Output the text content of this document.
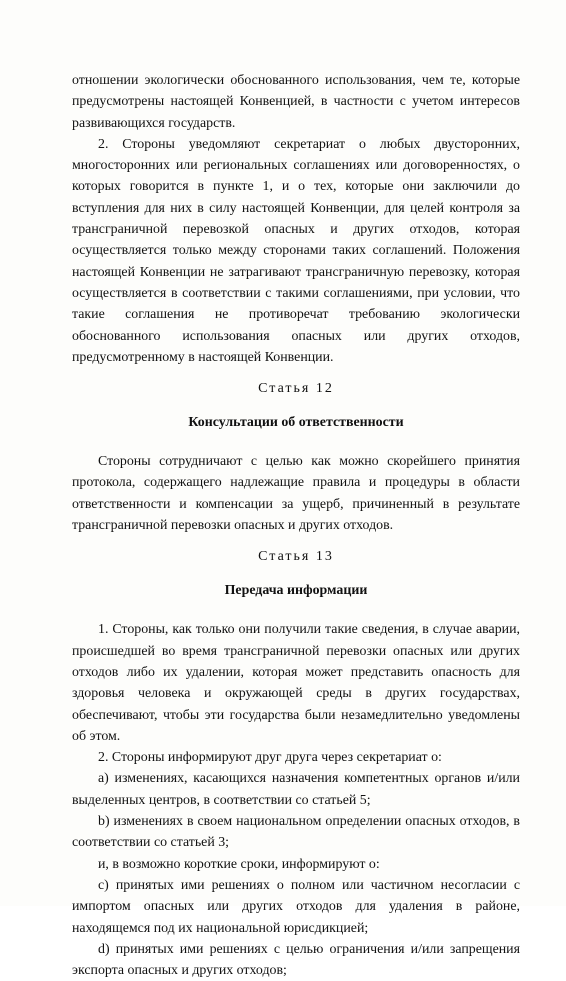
отношении экологически обоснованного использования, чем те, которые предусмотрены настоящей Конвенцией, в частности с учетом интересов развивающихся государств.

2. Стороны уведомляют секретариат о любых двусторонних, многосторонних или региональных соглашениях или договоренностях, о которых говорится в пункте 1, и о тех, которые они заключили до вступления для них в силу настоящей Конвенции, для целей контроля за трансграничной перевозкой опасных и других отходов, которая осуществляется только между сторонами таких соглашений. Положения настоящей Конвенции не затрагивают трансграничную перевозку, которая осуществляется в соответствии с такими соглашениями, при условии, что такие соглашения не противоречат требованию экологически обоснованного использования опасных или других отходов, предусмотренному в настоящей Конвенции.

Статья 12
Консультации об ответственности

Стороны сотрудничают с целью как можно скорейшего принятия протокола, содержащего надлежащие правила и процедуры в области ответственности и компенсации за ущерб, причиненный в результате трансграничной перевозки опасных и других отходов.

Статья 13
Передача информации

1. Стороны, как только они получили такие сведения, в случае аварии, происшедшей во время трансграничной перевозки опасных или других отходов либо их удалении, которая может представить опасность для здоровья человека и окружающей среды в других государствах, обеспечивают, чтобы эти государства были незамедлительно уведомлены об этом.

2. Стороны информируют друг друга через секретариат о:

a) изменениях, касающихся назначения компетентных органов и/или выделенных центров, в соответствии со статьей 5;

b) изменениях в своем национальном определении опасных отходов, в соответствии со статьей 3;

и, в возможно короткие сроки, информируют о:

c) принятых ими решениях о полном или частичном несогласии с импортом опасных или других отходов для удаления в районе, находящемся под их национальной юрисдикцией;

d) принятых ими решениях с целью ограничения и/или запрещения экспорта опасных и других отходов;
